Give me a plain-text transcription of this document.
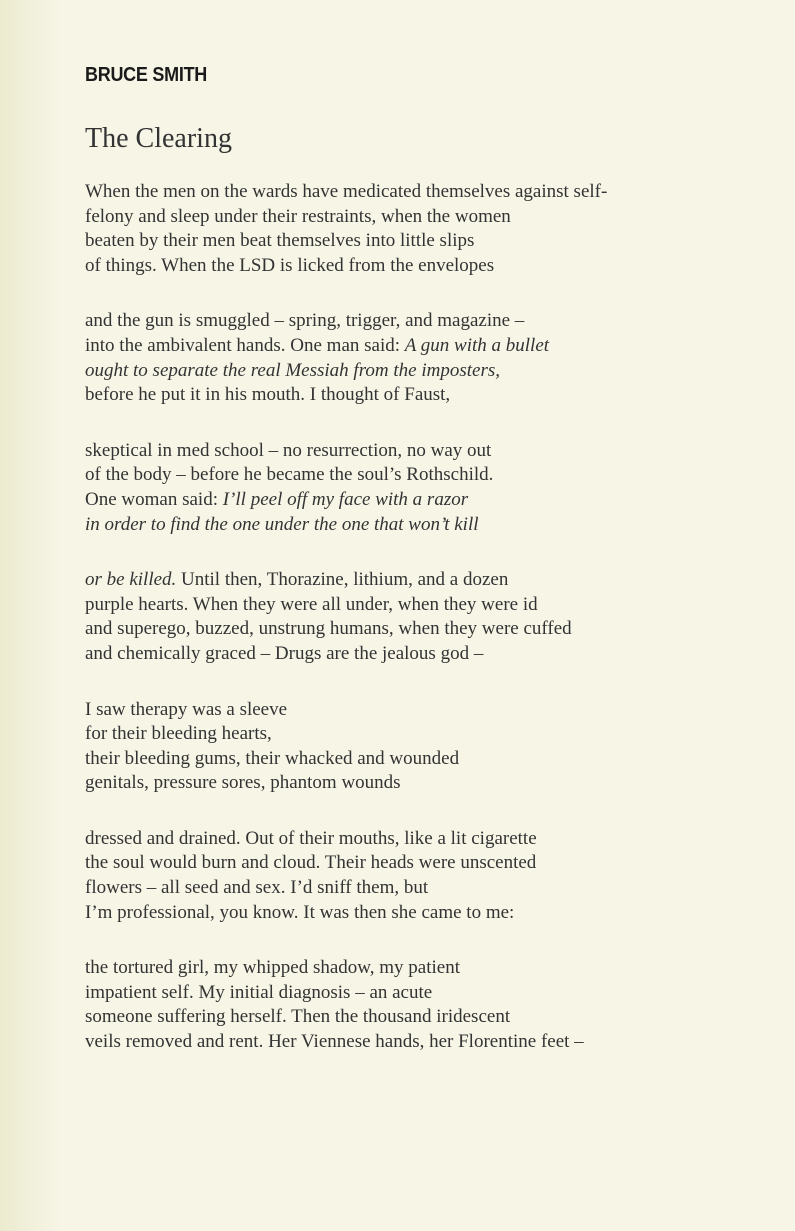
BRUCE SMITH
The Clearing
When the men on the wards have medicated themselves against self-
felony and sleep under their restraints, when the women
beaten by their men beat themselves into little slips
of things. When the LSD is licked from the envelopes
and the gun is smuggled – spring, trigger, and magazine –
into the ambivalent hands. One man said: A gun with a bullet
ought to separate the real Messiah from the imposters,
before he put it in his mouth. I thought of Faust,
skeptical in med school – no resurrection, no way out
of the body – before he became the soul’s Rothschild.
One woman said: I’ll peel off my face with a razor
in order to find the one under the one that won’t kill
or be killed. Until then, Thorazine, lithium, and a dozen
purple hearts. When they were all under, when they were id
and superego, buzzed, unstrung humans, when they were cuffed
and chemically graced – Drugs are the jealous god –
I saw therapy was a sleeve
for their bleeding hearts,
their bleeding gums, their whacked and wounded
genitals, pressure sores, phantom wounds
dressed and drained. Out of their mouths, like a lit cigarette
the soul would burn and cloud. Their heads were unscented
flowers – all seed and sex. I’d sniff them, but
I’m professional, you know. It was then she came to me:
the tortured girl, my whipped shadow, my patient
impatient self. My initial diagnosis – an acute
someone suffering herself. Then the thousand iridescent
veils removed and rent. Her Viennese hands, her Florentine feet –
